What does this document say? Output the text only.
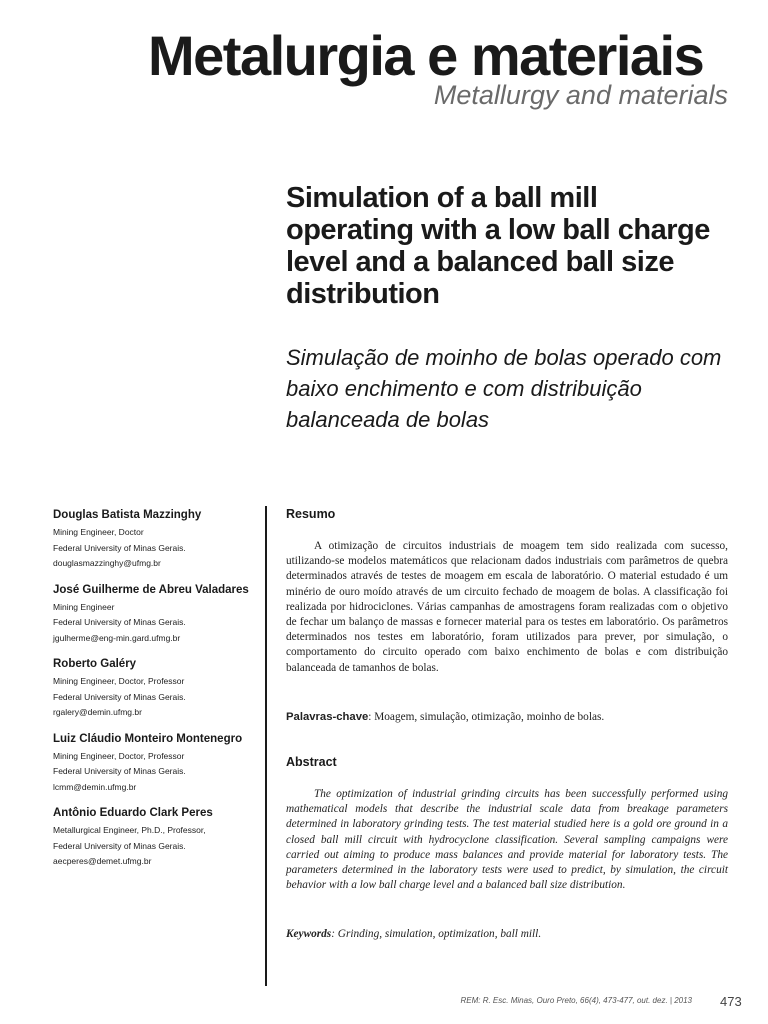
Metalurgia e materiais
Metallurgy and materials
Simulation of a ball mill operating with a low ball charge level and a balanced ball size distribution
Simulação de moinho de bolas operado com baixo enchimento e com distribuição balanceada de bolas
Douglas Batista Mazzinghy
Mining Engineer, Doctor
Federal University of Minas Gerais.
douglasmazzinghy@ufmg.br
José Guilherme de Abreu Valadares
Mining Engineer
Federal University of Minas Gerais.
jgulherme@eng-min.gard.ufmg.br
Roberto Galéry
Mining Engineer, Doctor, Professor
Federal University of Minas Gerais.
rgalery@demin.ufmg.br
Luiz Cláudio Monteiro Montenegro
Mining Engineer, Doctor, Professor
Federal University of Minas Gerais.
lcmm@demin.ufmg.br
Antônio Eduardo Clark Peres
Metallurgical Engineer, Ph.D., Professor,
Federal University of Minas Gerais.
aecperes@demet.ufmg.br
Resumo

A otimização de circuitos industriais de moagem tem sido realizada com sucesso, utilizando-se modelos matemáticos que relacionam dados industriais com parâmetros de quebra determinados através de testes de moagem em escala de laboratório. O material estudado é um minério de ouro moído através de um circuito fechado de moagem de bolas. A classificação foi realizada por hidrociclones. Várias campanhas de amostragens foram realizadas com o objetivo de fechar um balanço de massas e fornecer material para os testes em laboratório. Os parâmetros determinados nos testes em laboratório, foram utilizados para prever, por simulação, o comportamento do circuito operado com baixo enchimento de bolas e com distribuição balanceada de tamanhos de bolas.

Palavras-chave: Moagem, simulação, otimização, moinho de bolas.
Abstract

The optimization of industrial grinding circuits has been successfully performed using mathematical models that describe the industrial scale data from breakage parameters determined in laboratory grinding tests. The test material studied here is a gold ore ground in a closed ball mill circuit with hydrocyclone classification. Several sampling campaigns were carried out aiming to produce mass balances and provide material for laboratory tests. The parameters determined in the laboratory tests were used to predict, by simulation, the circuit behavior with a low ball charge level and a balanced ball size distribution.

Keywords: Grinding, simulation, optimization, ball mill.
REM: R. Esc. Minas, Ouro Preto, 66(4), 473-477, out. dez. | 2013 473
